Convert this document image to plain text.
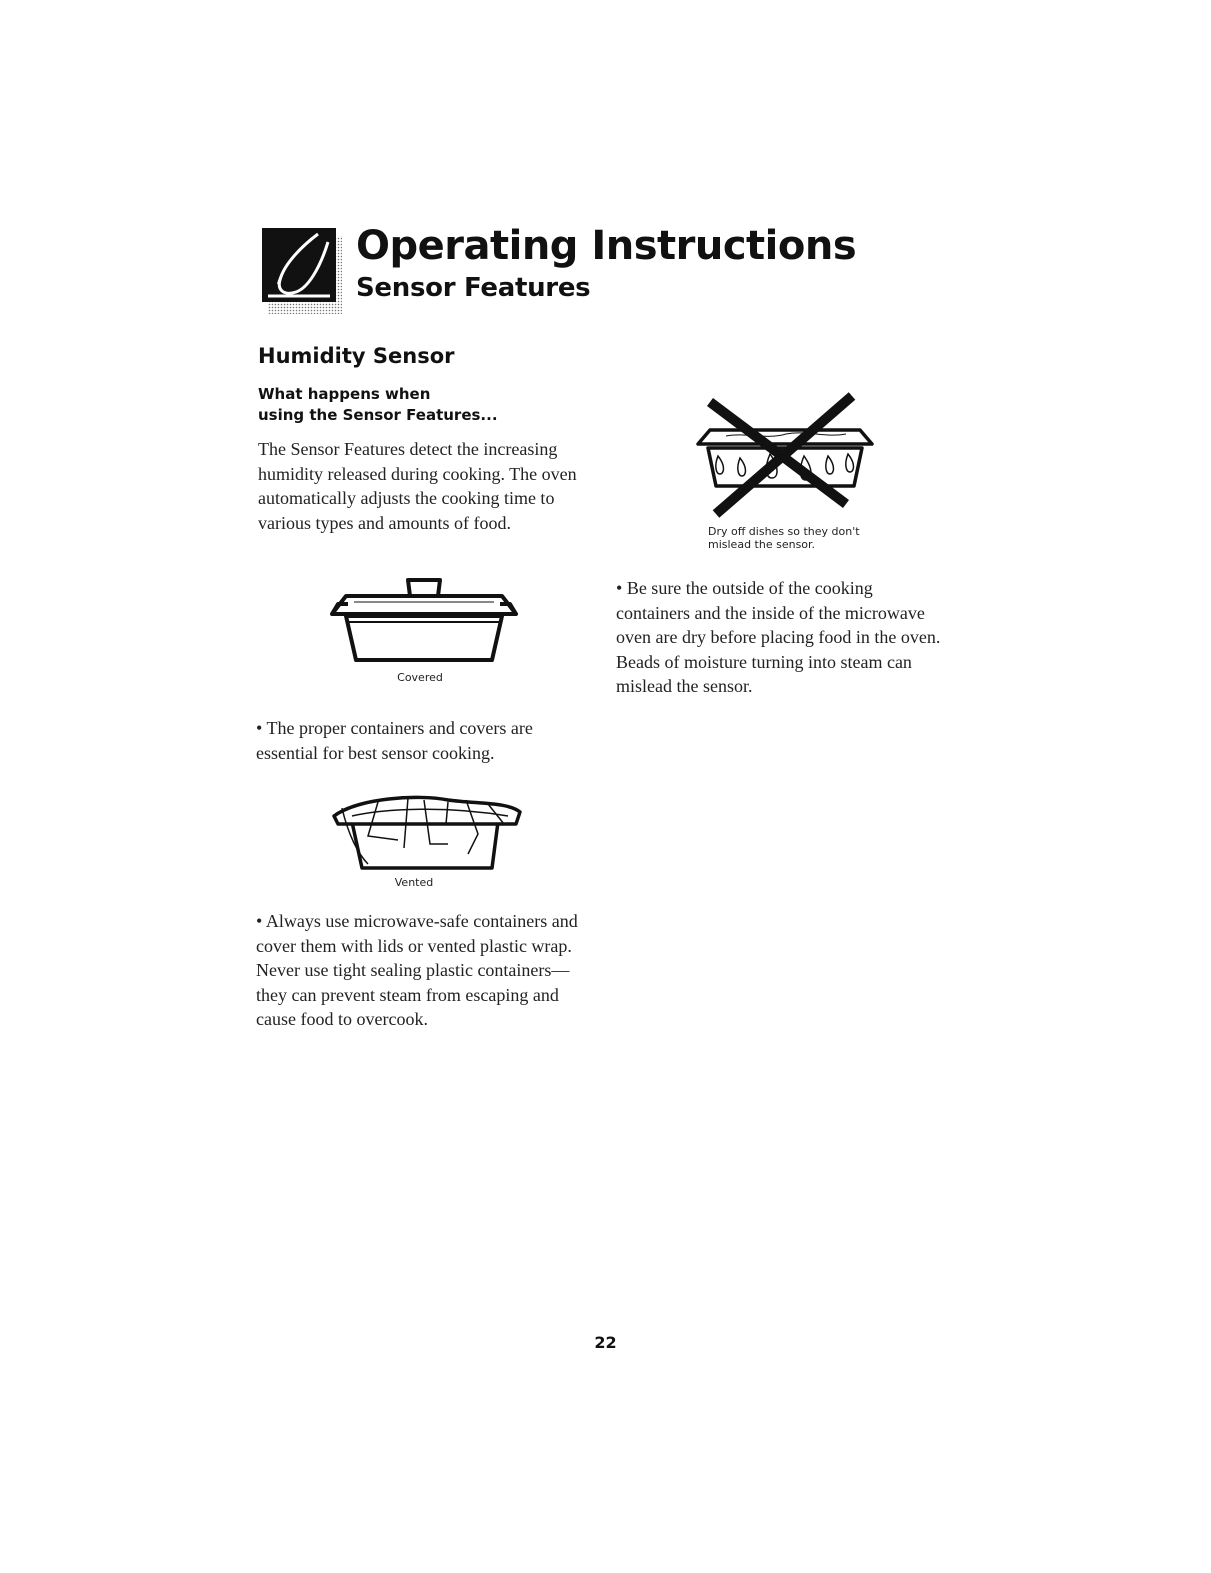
Operating Instructions
Sensor Features
Humidity Sensor
What happens when
using the Sensor Features...

The Sensor Features detect the increasing humidity released during cooking. The oven automatically adjusts the cooking time to various types and amounts of food.

Covered

• The proper containers and covers are essential for best sensor cooking.

Vented

• Always use microwave-safe containers and cover them with lids or vented plastic wrap. Never use tight sealing plastic containers—they can prevent steam from escaping and cause food to overcook.

Dry off dishes so they don't
mislead the sensor.

• Be sure the outside of the cooking containers and the inside of the microwave oven are dry before placing food in the oven. Beads of moisture turning into steam can mislead the sensor.

22
